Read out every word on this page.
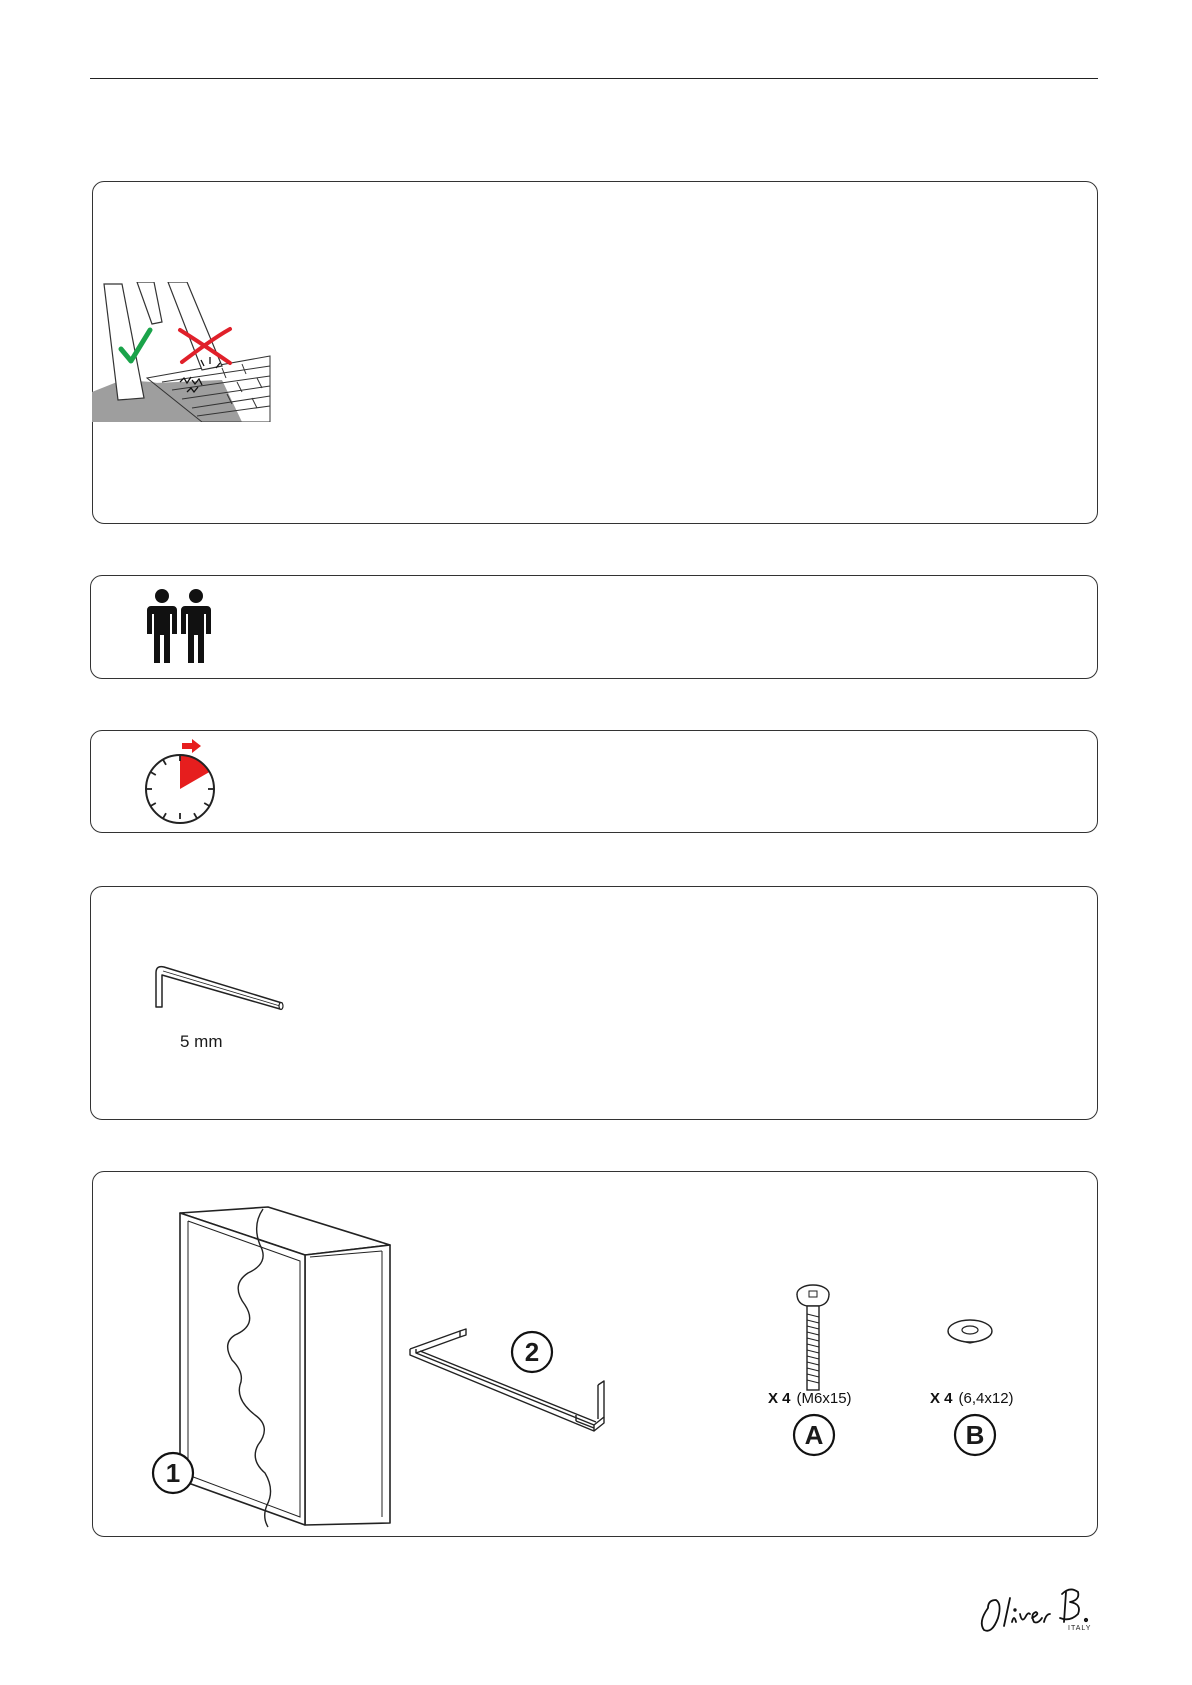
5 mm
1
2
X 4 (M6x15)
A
X 4 (6,4x12)
B
ITALY
